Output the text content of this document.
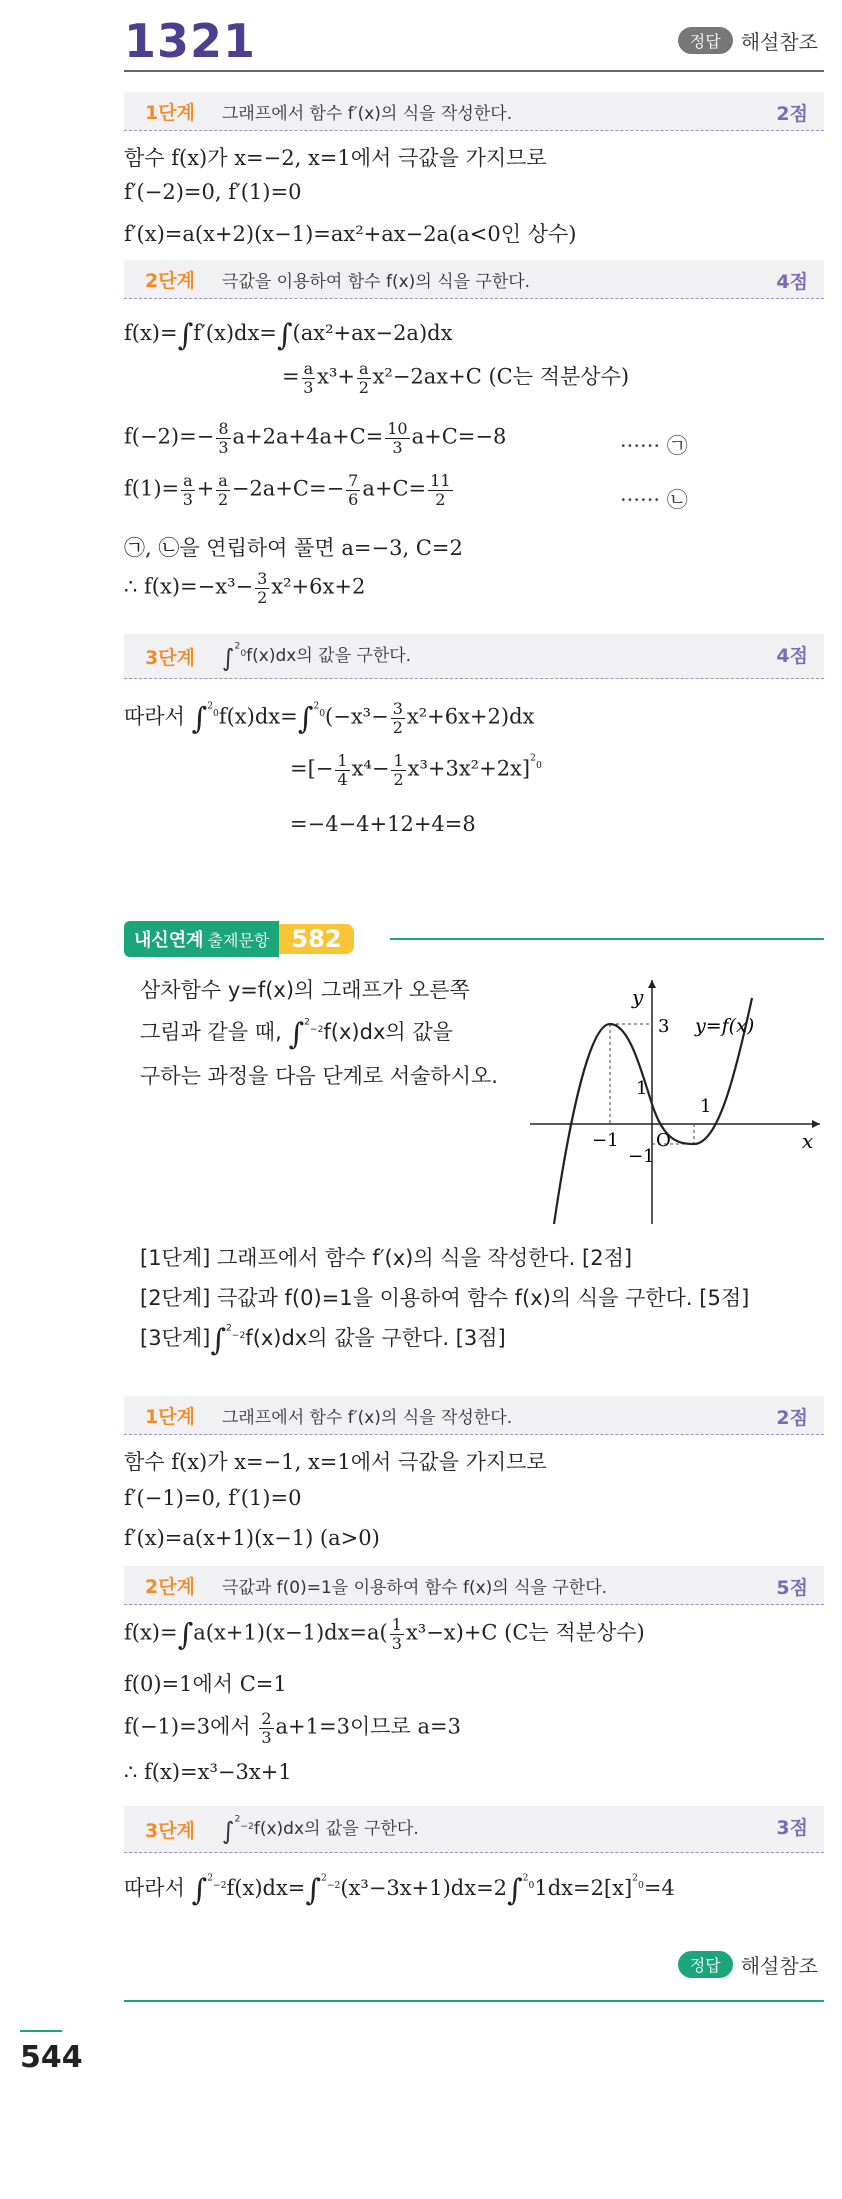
1321	정답	해설참조
1단계	그래프에서 함수 f′(x)의 식을 작성한다.	2점
함수 f(x)가 x=−2, x=1에서 극값을 가지므로
f′(−2)=0, f′(1)=0
f′(x)=a(x+2)(x−1)=ax²+ax−2a(a<0인 상수)
2단계	극값을 이용하여 함수 f(x)의 식을 구한다.	4점
f(x)=∫f′(x)dx=∫(ax²+ax−2a)dx
= $\frac{a}{3} x^3+ \frac{a}{2} x^2-2ax+C$ (C는 적분상수)
$f(-2)=- \frac{8}{3} a+2a+4a+C= \frac{10}{3} a+C=-8$	······ ㉠
$f(1)= \frac{a}{3} + \frac{a}{2} -2a+C=- \frac{7}{6} a+C= \frac{11}{2}$	······ ㉡
㉠, ㉡을 연립하여 풀면 a=−3, C=2
∴ $f(x)=-x^3- \frac{3}{2} x^2+6x+2$
3단계	∫$^{^2_0}$f(x)dx의 값을 구한다.	4점
따라서 $\int^{^2_0}f(x)dx=\int^{^2_0}(-x^3- \frac{3}{2} x^2+6x+2)dx$
=[− $\frac{1}{4} x^4- \frac{1}{2} x^3+3x^2+2x]^{^2_0}$
=−4−4+12+4=8
내신연계 출제문항 582
삼차함수 y=f(x)의 그래프가 오른쪽
그림과 같을 때, ∫$^{^2_{-2}}$f(x)dx의 값을
구하는 과정을 다음 단계로 서술하시오.
y
3 y=f(x)
1
1
−1 O
−1
x
[1단계] 그래프에서 함수 f′(x)의 식을 작성한다. [2점]
[2단계] 극값과 f(0)=1을 이용하여 함수 f(x)의 식을 구한다. [5점]
[3단계]∫$^{^2_{-2}}$f(x)dx의 값을 구한다. [3점]
1단계	그래프에서 함수 f′(x)의 식을 작성한다.	2점
함수 f(x)가 x=−1, x=1에서 극값을 가지므로
f′(−1)=0, f′(1)=0
f′(x)=a(x+1)(x−1) (a>0)
2단계	극값과 f(0)=1을 이용하여 함수 f(x)의 식을 구한다.	5점
$f(x)=\int a(x+1)(x-1)dx=a( \frac{1}{3} x^3-x)+C$ (C는 적분상수)
f(0)=1에서 C=1
f(−1)=3에서 $\frac{2}{3} a+1=3$이므로 a=3
∴ f(x)=x³−3x+1
3단계	∫$^{^2_{-2}}$f(x)dx의 값을 구한다.	3점
따라서 $\int^{^2_{-2}}f(x)dx=\int^{^2_{-2}}(x^3-3x+1)dx=2\int^{^2_0}1dx=2[x]^{^2_0}=4$
정답	해설참조
544
